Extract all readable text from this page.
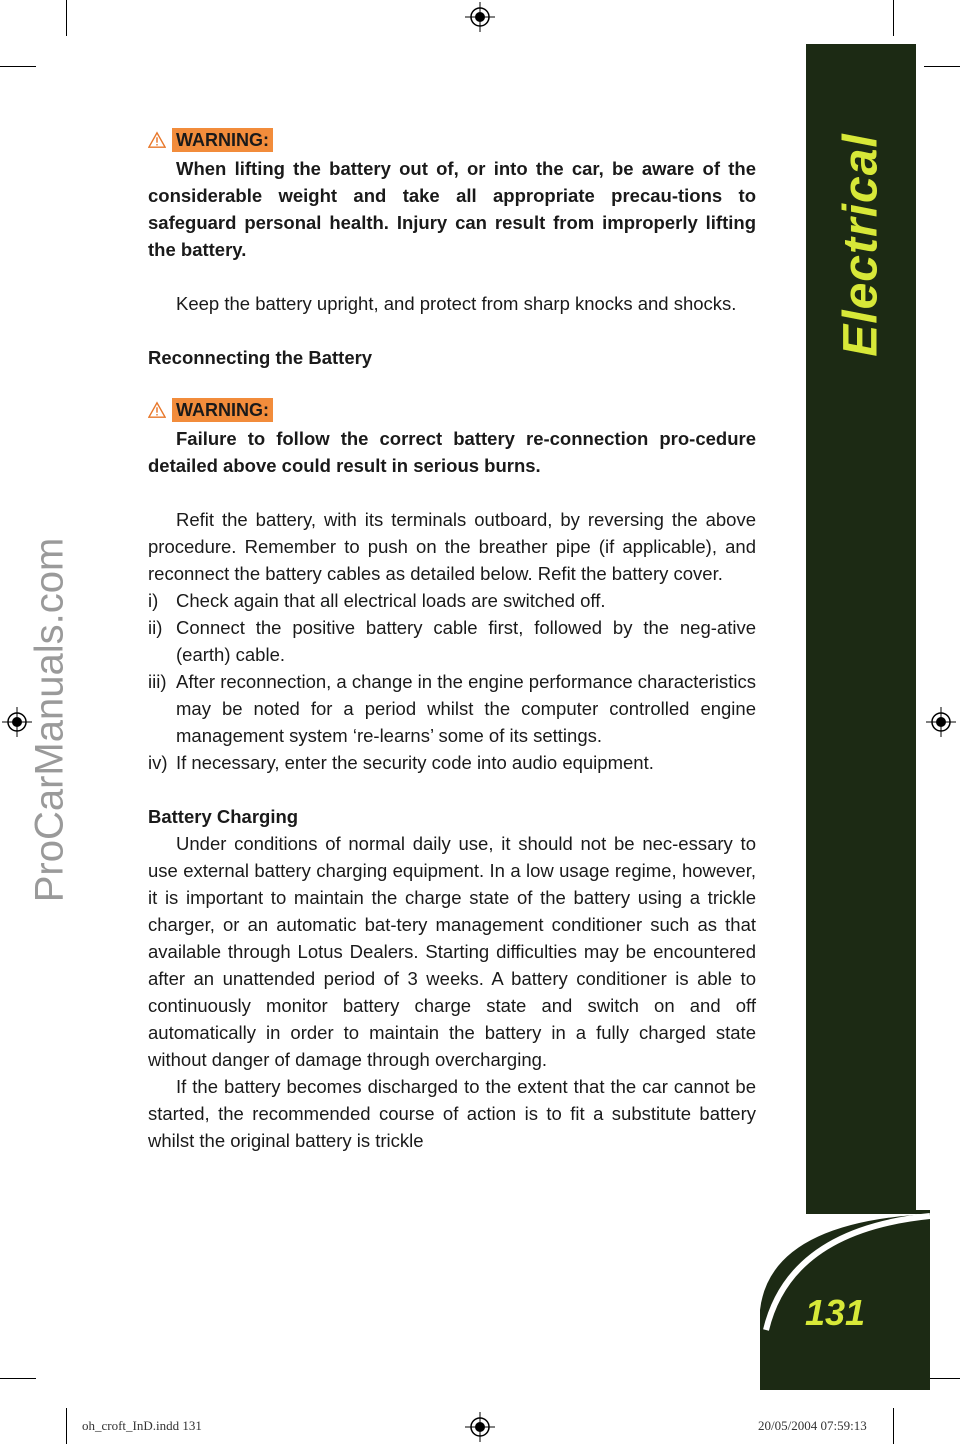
Electrical
131
ProCarManuals.com
WARNING:

When lifting the battery out of, or into the car, be aware of the considerable weight and take all appropriate precau-tions to safeguard personal health. Injury can result from improperly lifting the battery.

Keep the battery upright, and protect from sharp knocks and shocks.

Reconnecting the Battery

WARNING:

Failure to follow the correct battery re-connection pro-cedure detailed above could result in serious burns.

Refit the battery, with its terminals outboard, by reversing the above procedure. Remember to push on the breather pipe (if applicable), and reconnect the battery cables as detailed below. Refit the battery cover.

i) Check again that all electrical loads are switched off.
ii) Connect the positive battery cable first, followed by the neg-ative (earth) cable.
iii) After reconnection, a change in the engine performance characteristics may be noted for a period whilst the computer controlled engine management system ‘re-learns’ some of its settings.
iv) If necessary, enter the security code into audio equipment.

Battery Charging

Under conditions of normal daily use, it should not be nec-essary to use external battery charging equipment. In a low usage regime, however, it is important to maintain the charge state of the battery using a trickle charger, or an automatic bat-tery management conditioner such as that available through Lotus Dealers. Starting difficulties may be encountered after an unattended period of 3 weeks. A battery conditioner is able to continuously monitor battery charge state and switch on and off automatically in order to maintain the battery in a fully charged state without danger of damage through overcharging.

If the battery becomes discharged to the extent that the car cannot be started, the recommended course of action is to fit a substitute battery whilst the original battery is trickle

oh_croft_InD.indd 131	20/05/2004 07:59:13
